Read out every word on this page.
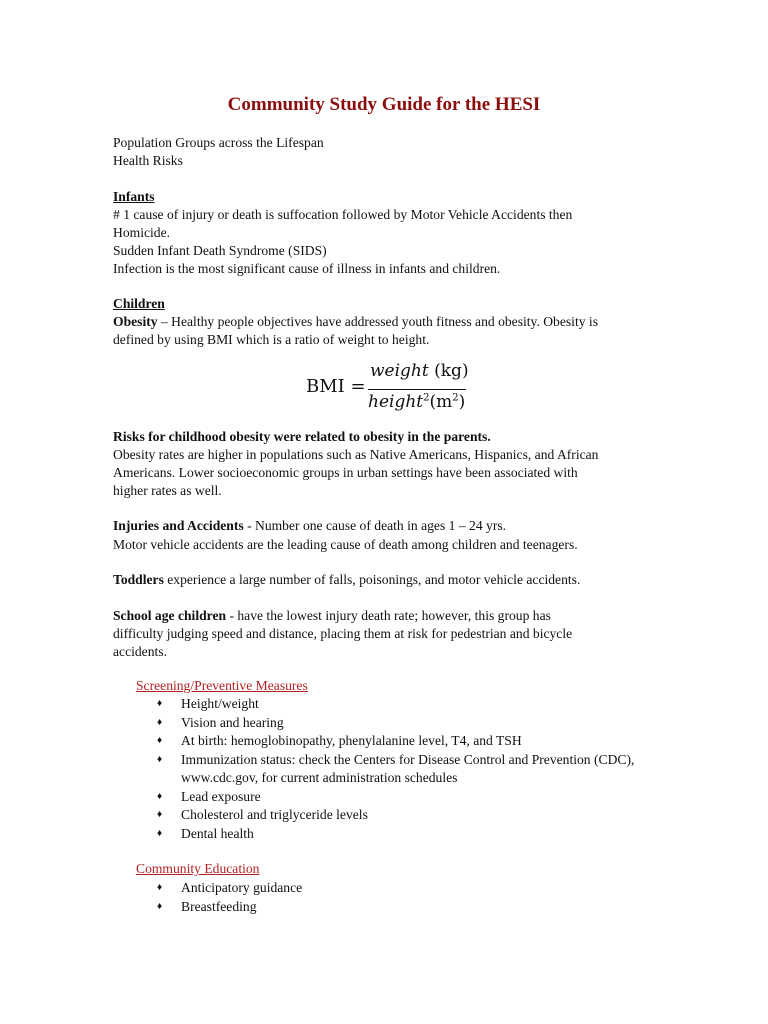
Community Study Guide for the HESI

Population Groups across the Lifespan

Health Risks

Infants

# 1 cause of injury or death is suffocation followed by Motor Vehicle Accidents then

Homicide.

Sudden Infant Death Syndrome (SIDS)

Infection is the most significant cause of illness in infants and children.

Children

Obesity – Healthy people objectives have addressed youth fitness and obesity. Obesity is

defined by using BMI which is a ratio of weight to height.

BMI =
weight (kg)
$height^2(m^2)$

Risks for childhood obesity were related to obesity in the parents.

Obesity rates are higher in populations such as Native Americans, Hispanics, and African

Americans. Lower socioeconomic groups in urban settings have been associated with

higher rates as well.

Injuries and Accidents - Number one cause of death in ages 1 – 24 yrs.

Motor vehicle accidents are the leading cause of death among children and teenagers.

Toddlers experience a large number of falls, poisonings, and motor vehicle accidents.

School age children - have the lowest injury death rate; however, this group has

difficulty judging speed and distance, placing them at risk for pedestrian and bicycle

accidents.

Screening/Preventive Measures
♦ Height/weight
♦ Vision and hearing
♦ At birth: hemoglobinopathy, phenylalanine level, T4, and TSH
♦ Immunization status: check the Centers for Disease Control and Prevention (CDC), www.cdc.gov, for current administration schedules
♦ Lead exposure
♦ Cholesterol and triglyceride levels
♦ Dental health
Community Education
♦ Anticipatory guidance
♦ Breastfeeding
